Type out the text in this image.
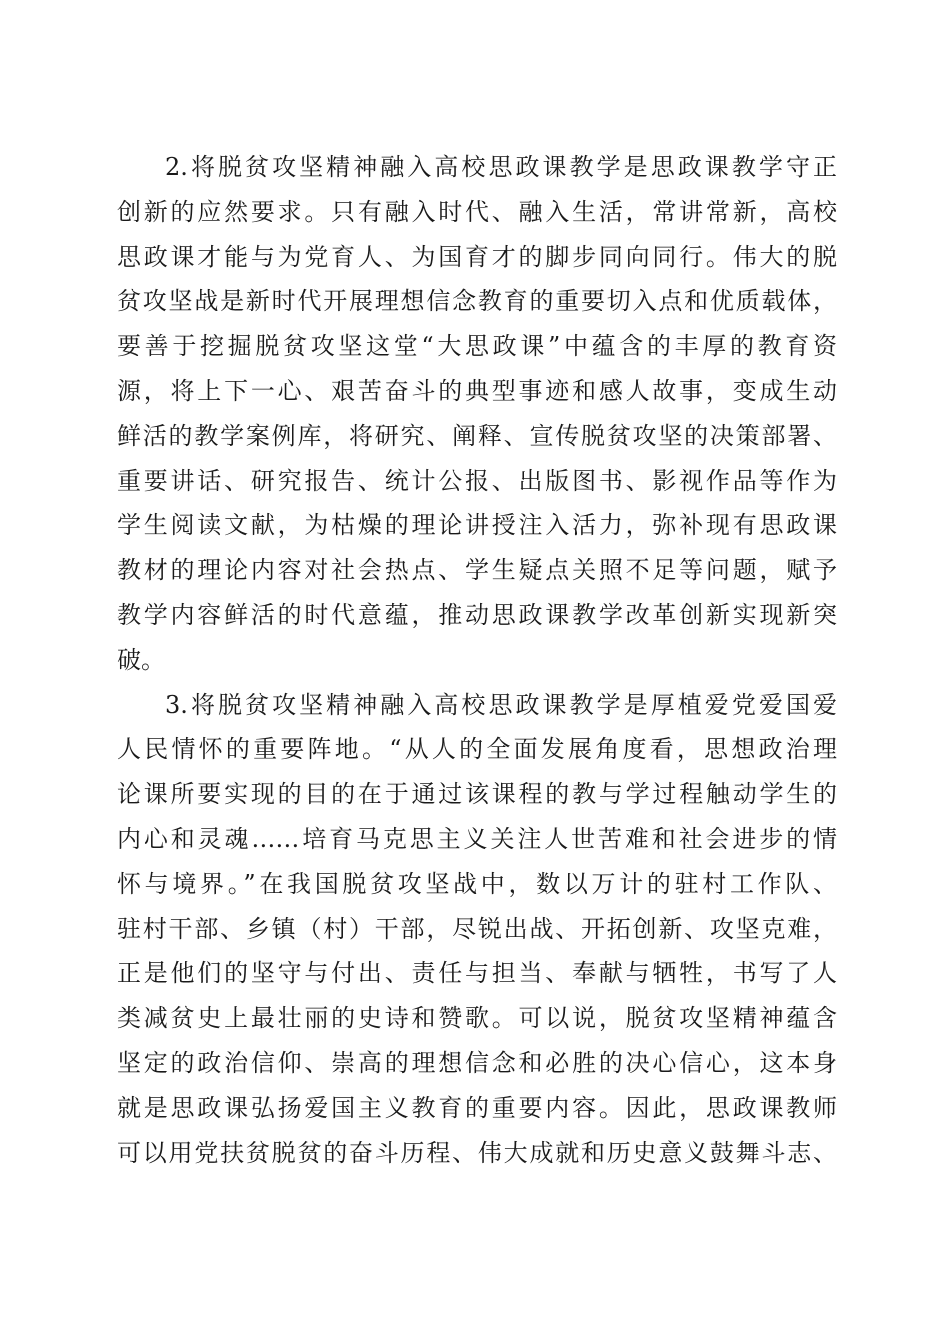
2.将脱贫攻坚精神融入高校思政课教学是思政课教学守正
创新的应然要求。只有融入时代、融入生活，常讲常新，高校
思政课才能与为党育人、为国育才的脚步同向同行。伟大的脱
贫攻坚战是新时代开展理想信念教育的重要切入点和优质载体，
要善于挖掘脱贫攻坚这堂“大思政课”中蕴含的丰厚的教育资
源，将上下一心、艰苦奋斗的典型事迹和感人故事，变成生动
鲜活的教学案例库，将研究、阐释、宣传脱贫攻坚的决策部署、
重要讲话、研究报告、统计公报、出版图书、影视作品等作为
学生阅读文献，为枯燥的理论讲授注入活力，弥补现有思政课
教材的理论内容对社会热点、学生疑点关照不足等问题，赋予
教学内容鲜活的时代意蕴，推动思政课教学改革创新实现新突
破。
3.将脱贫攻坚精神融入高校思政课教学是厚植爱党爱国爱
人民情怀的重要阵地。“从人的全面发展角度看，思想政治理
论课所要实现的目的在于通过该课程的教与学过程触动学生的
内心和灵魂……培育马克思主义关注人世苦难和社会进步的情
怀与境界。”在我国脱贫攻坚战中，数以万计的驻村工作队、
驻村干部、乡镇（村）干部，尽锐出战、开拓创新、攻坚克难，
正是他们的坚守与付出、责任与担当、奉献与牺牲，书写了人
类减贫史上最壮丽的史诗和赞歌。可以说，脱贫攻坚精神蕴含
坚定的政治信仰、崇高的理想信念和必胜的决心信心，这本身
就是思政课弘扬爱国主义教育的重要内容。因此，思政课教师
可以用党扶贫脱贫的奋斗历程、伟大成就和历史意义鼓舞斗志、
